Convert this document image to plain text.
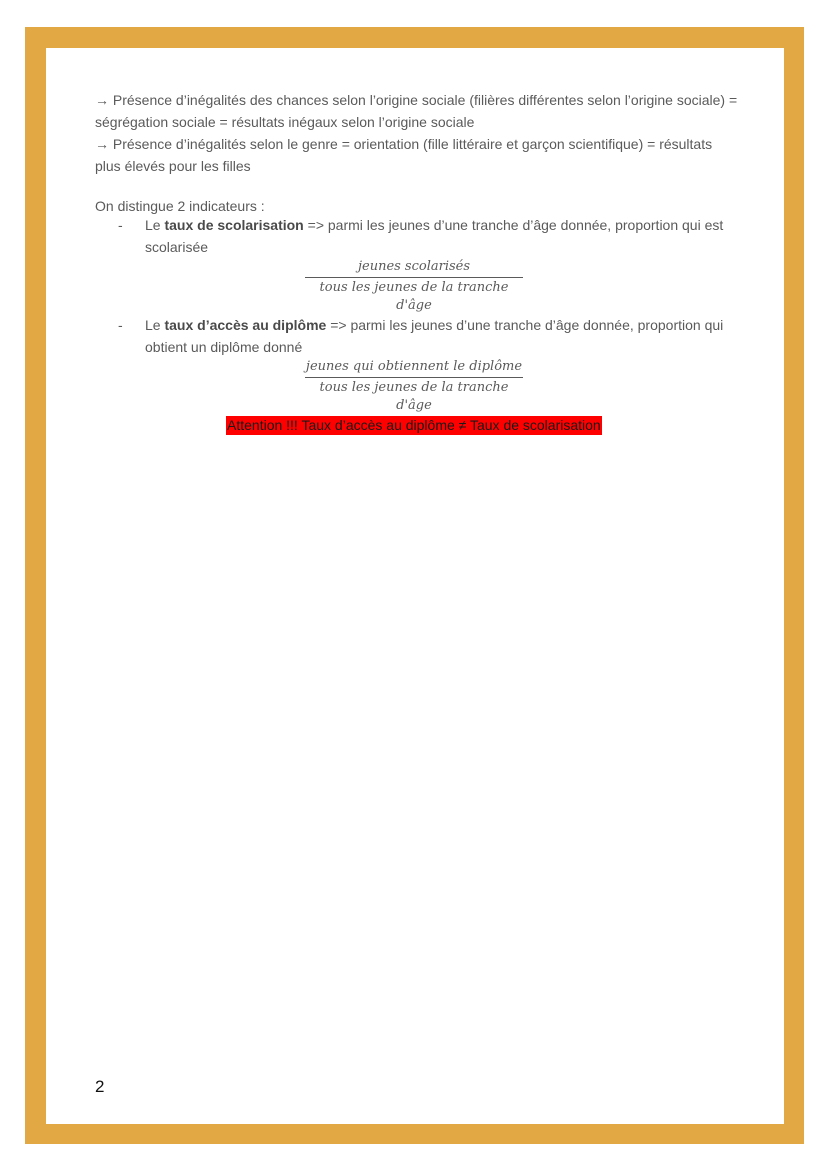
→ Présence d’inégalités des chances selon l’origine sociale (filières différentes selon l’origine sociale) =
ségrégation sociale = résultats inégaux selon l’origine sociale
→ Présence d’inégalités selon le genre = orientation (fille littéraire et garçon scientifique) = résultats
plus élevés pour les filles
On distingue 2 indicateurs :
- Le taux de scolarisation => parmi les jeunes d’une tranche d’âge donnée, proportion qui est scolarisée
jeunes scolarisés
tous les jeunes de la tranche d'âge
- Le taux d’accès au diplôme => parmi les jeunes d’une tranche d’âge donnée, proportion qui obtient un diplôme donné
jeunes qui obtiennent le diplôme
tous les jeunes de la tranche d'âge
Attention !!! Taux d’accès au diplôme ≠ Taux de scolarisation
2
